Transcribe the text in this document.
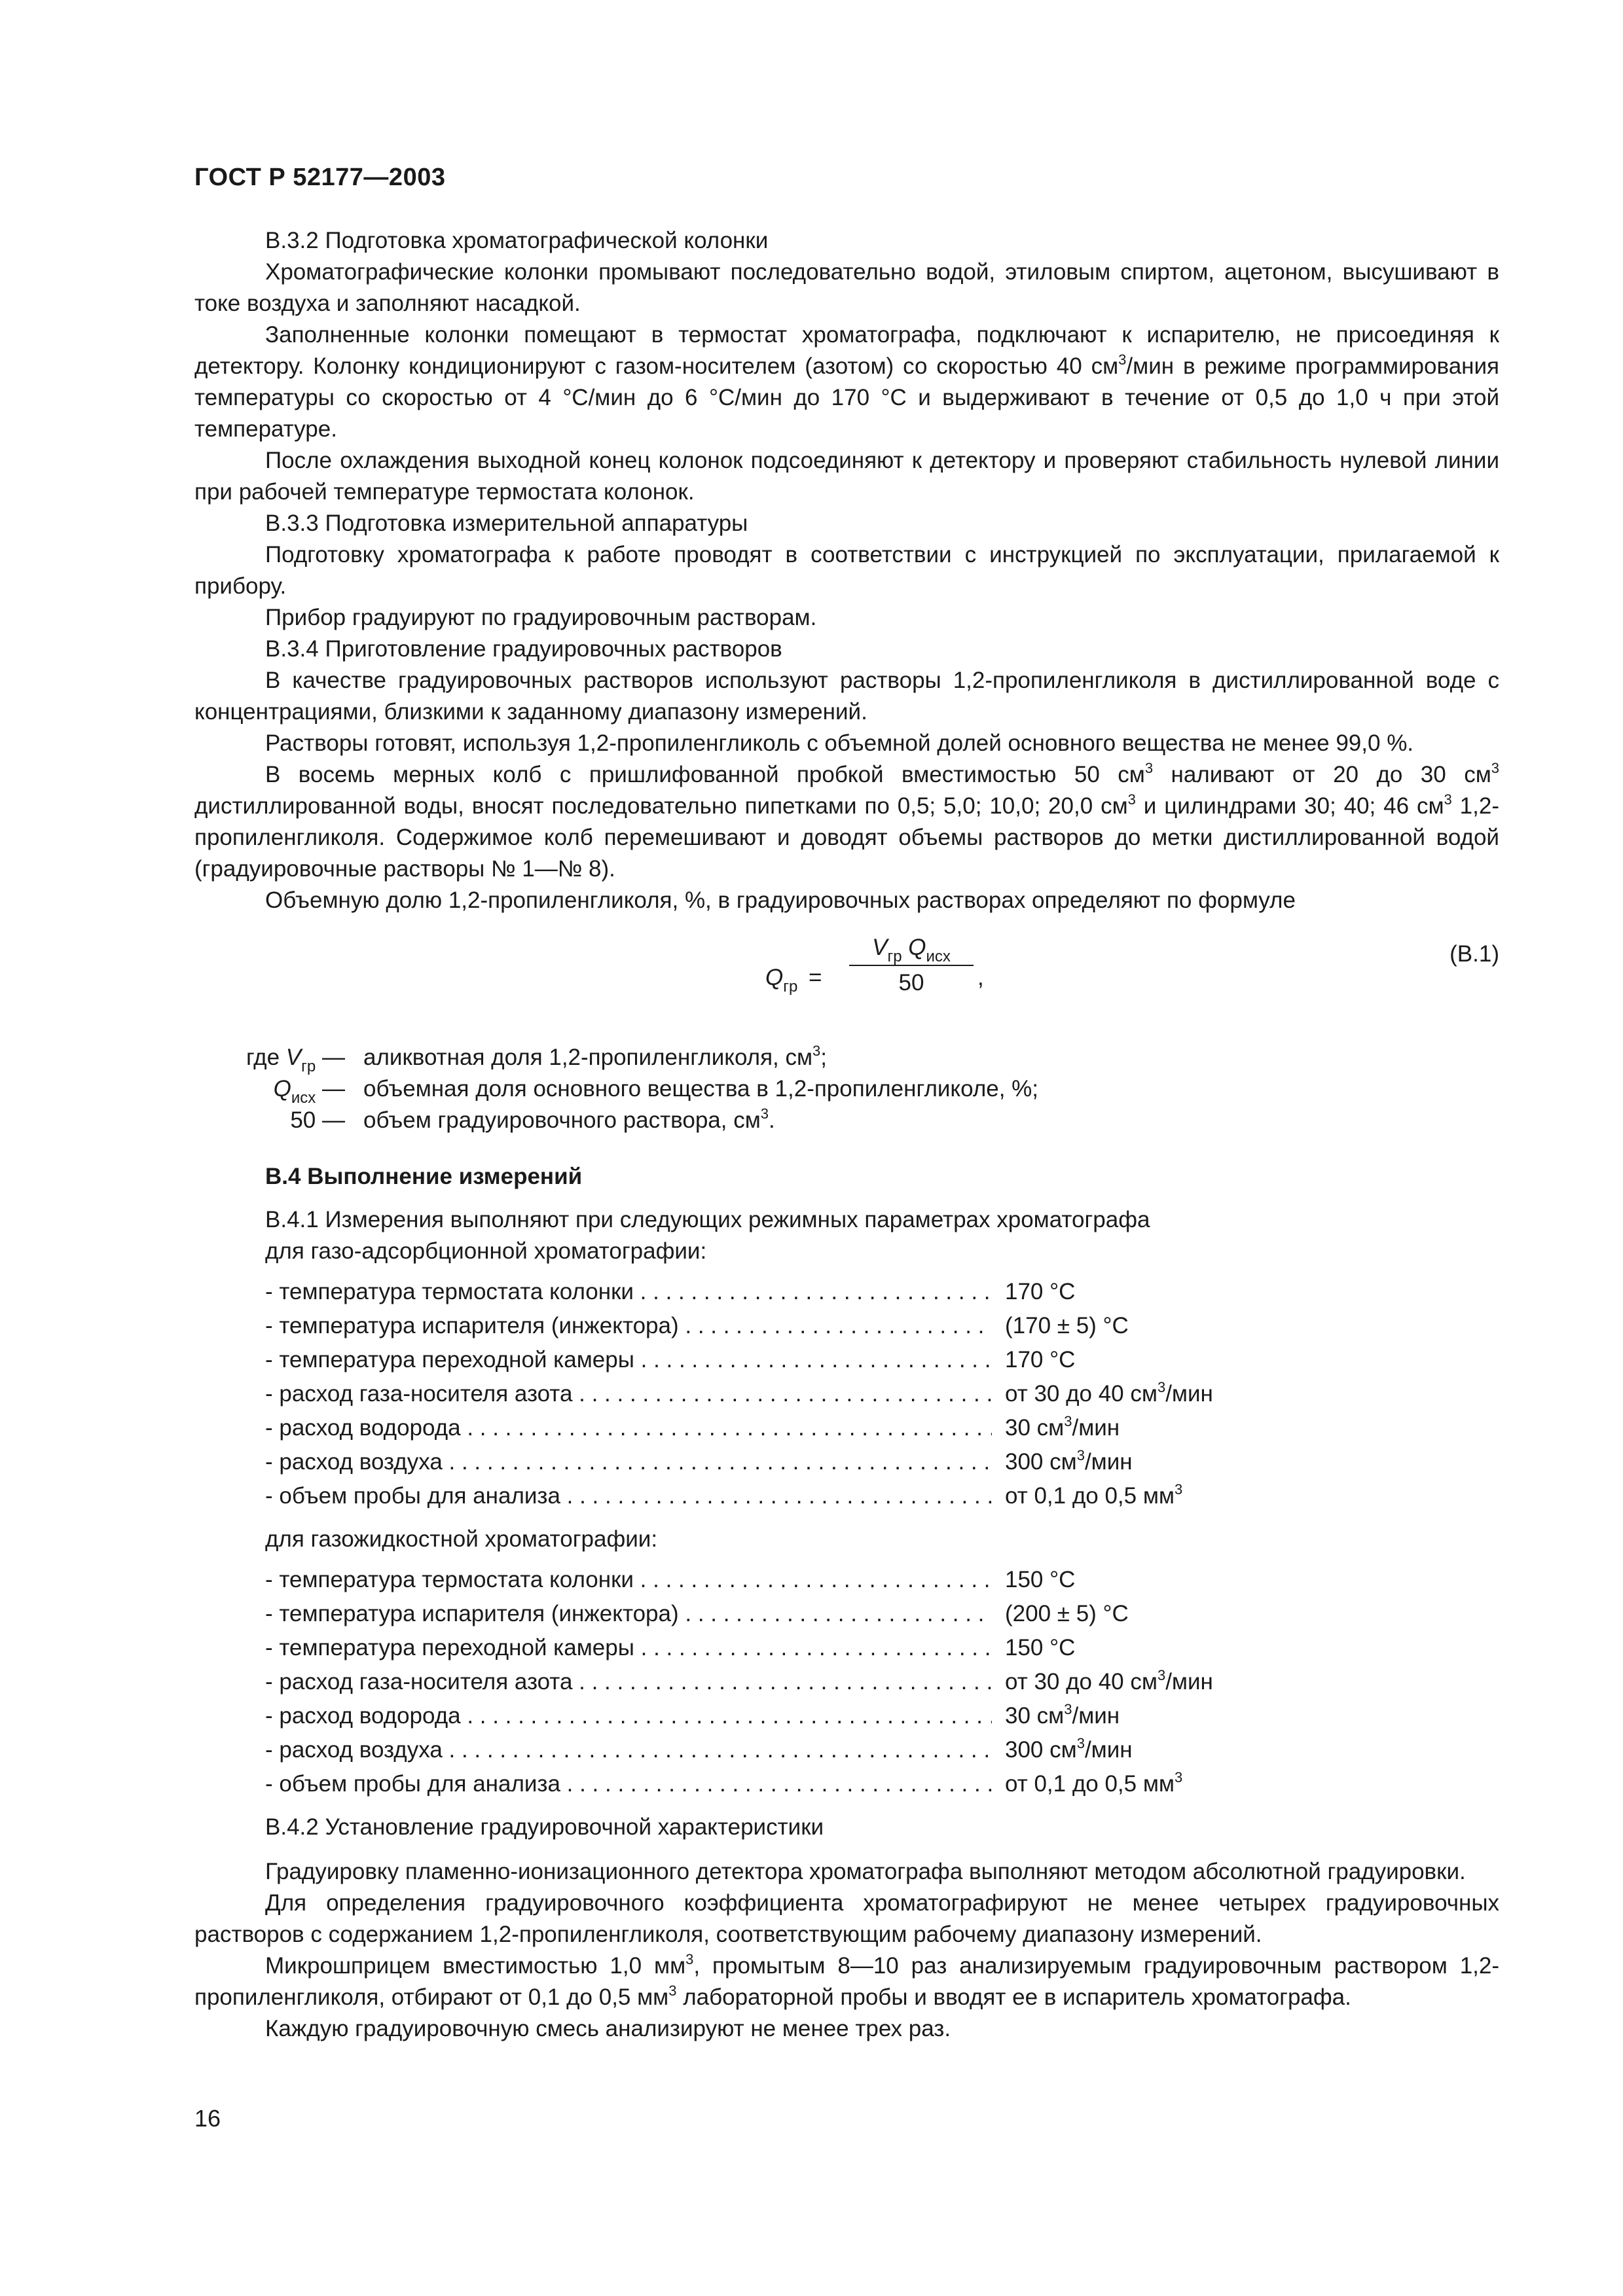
ГОСТ Р 52177—2003

В.3.2 Подготовка хроматографической колонки

Хроматографические колонки промывают последовательно водой, этиловым спиртом, ацетоном, высушивают в токе воздуха и заполняют насадкой.

Заполненные колонки помещают в термостат хроматографа, подключают к испарителю, не присоединяя к детектору. Колонку кондиционируют с газом-носителем (азотом) со скоростью 40 $см^3$/мин в режиме программирования температуры со скоростью от 4 °С/мин до 6 °С/мин до 170 °С и выдерживают в течение от 0,5 до 1,0 ч при этой температуре.

После охлаждения выходной конец колонок подсоединяют к детектору и проверяют стабильность нулевой линии при рабочей температуре термостата колонок.

В.3.3 Подготовка измерительной аппаратуры

Подготовку хроматографа к работе проводят в соответствии с инструкцией по эксплуатации, прилагаемой к прибору.

Прибор градуируют по градуировочным растворам.

В.3.4 Приготовление градуировочных растворов

В качестве градуировочных растворов используют растворы 1,2-пропиленгликоля в дистиллированной воде с концентрациями, близкими к заданному диапазону измерений.

Растворы готовят, используя 1,2-пропиленгликоль с объемной долей основного вещества не менее 99,0 %.

В восемь мерных колб с пришлифованной пробкой вместимостью 50 $см^3$ наливают от 20 до 30 $см^3$ дистиллированной воды, вносят последовательно пипетками по 0,5; 5,0; 10,0; 20,0 $см^3$ и цилиндрами 30; 40; 46 $см^3$ 1,2-пропиленгликоля. Содержимое колб перемешивают и доводят объемы растворов до метки дистиллированной водой (градуировочные растворы № 1—№ 8).

Объемную долю 1,2-пропиленгликоля, %, в градуировочных растворах определяют по формуле

$Q_{гр}$ =
$V_{гр}$ $Q_{исх}$
50	,
(В.1)
где $V_{гр}$ — аликвотная доля 1,2-пропиленгликоля, $см^3$;
$Q_{исх}$ — объемная доля основного вещества в 1,2-пропиленгликоле, %;
50 — объем градуировочного раствора, $см^3$.
В.4 Выполнение измерений
В.4.1 Измерения выполняют при следующих режимных параметрах хроматографа
для газо-адсорбционной хроматографии:
- температура термостата колонки . . .	170 °С
- температура испарителя (инжектора) . . .	(170 ± 5) °С
- температура переходной камеры . . .	170 °С
- расход газа-носителя азота . . .	от 30 до 40 $см^3$/мин
- расход водорода . . .	30 $см^3$/мин
- расход воздуха . . .	300 $см^3$/мин
- объем пробы для анализа . . .	от 0,1 до 0,5 $мм^3$
для газожидкостной хроматографии:
- температура термостата колонки . . .	150 °С
- температура испарителя (инжектора) . . .	(200 ± 5) °С
- температура переходной камеры . . .	150 °С
- расход газа-носителя азота . . .	от 30 до 40 $см^3$/мин
- расход водорода . . .	30 $см^3$/мин
- расход воздуха . . .	300 $см^3$/мин
- объем пробы для анализа . . .	от 0,1 до 0,5 $мм^3$

В.4.2 Установление градуировочной характеристики

Градуировку пламенно-ионизационного детектора хроматографа выполняют методом абсолютной градуировки.

Для определения градуировочного коэффициента хроматографируют не менее четырех градуировочных растворов с содержанием 1,2-пропиленгликоля, соответствующим рабочему диапазону измерений.

Микрошприцем вместимостью 1,0 $мм^3$, промытым 8—10 раз анализируемым градуировочным раствором 1,2-пропиленгликоля, отбирают от 0,1 до 0,5 $мм^3$ лабораторной пробы и вводят ее в испаритель хроматографа.

Каждую градуировочную смесь анализируют не менее трех раз.

16
